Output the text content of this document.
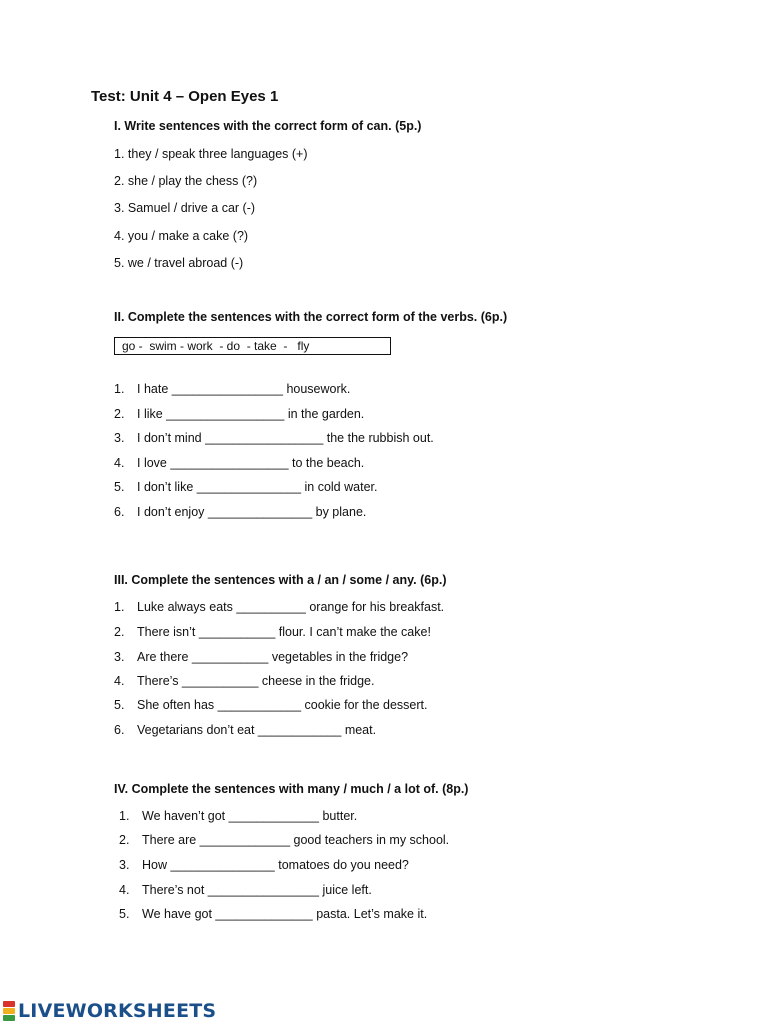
Test: Unit 4 – Open Eyes 1
I. Write sentences with the correct form of can. (5p.)
1. they / speak three languages (+)
2. she / play the chess (?)
3. Samuel / drive a car (-)
4. you / make a cake (?)
5. we / travel abroad (-)
II. Complete the sentences with the correct form of the verbs. (6p.)
go -  swim - work  - do  - take  -   fly
1. I hate ________________ housework.
2. I like _________________ in the garden.
3. I don’t mind _________________ the the rubbish out.
4. I love _________________ to the beach.
5. I don’t like _______________ in cold water.
6. I don’t enjoy _______________ by plane.
III. Complete the sentences with a / an / some / any. (6p.)
1. Luke always eats __________ orange for his breakfast.
2. There isn’t ___________ flour. I can’t make the cake!
3. Are there ___________ vegetables in the fridge?
4. There’s ___________ cheese in the fridge.
5. She often has ____________ cookie for the dessert.
6. Vegetarians don’t eat ____________ meat.
IV. Complete the sentences with many / much / a lot of. (8p.)
1. We haven’t got _____________ butter.
2. There are _____________ good teachers in my school.
3. How _______________ tomatoes do you need?
4. There’s not ________________ juice left.
5. We have got ______________ pasta. Let’s make it.
LIVEWORKSHEETS
